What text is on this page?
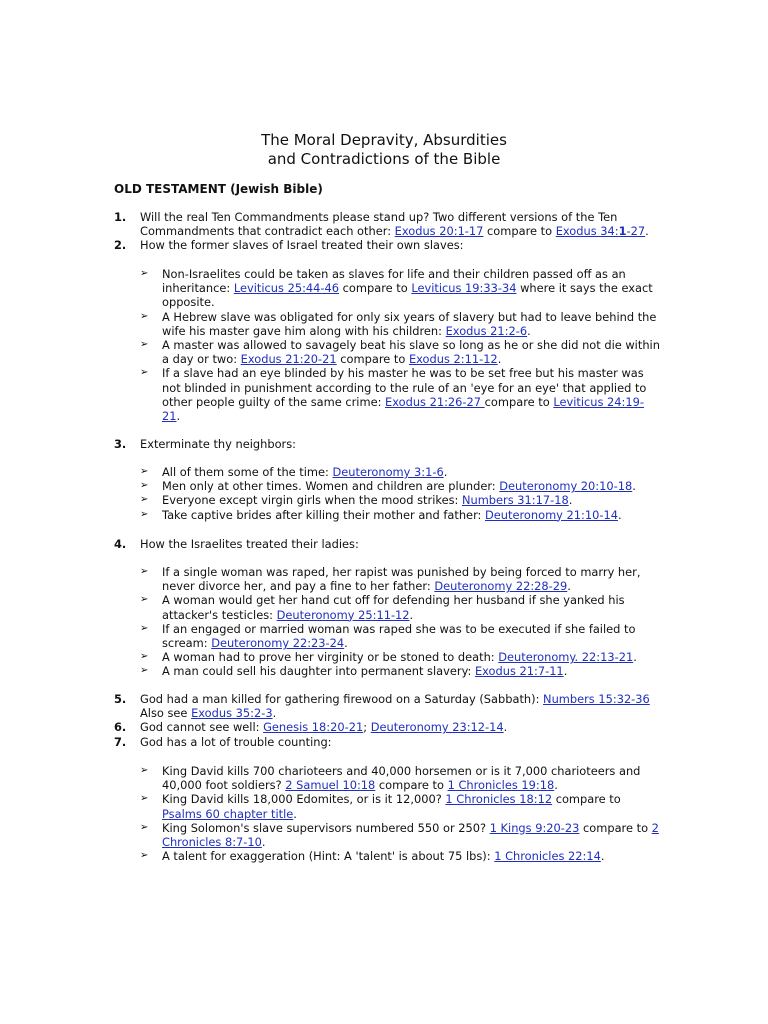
The Moral Depravity, Absurdities
and Contradictions of the Bible
OLD TESTAMENT (Jewish Bible)
1. Will the real Ten Commandments please stand up? Two different versions of the Ten Commandments that contradict each other: Exodus 20:1-17 compare to Exodus 34:1-27.
2. How the former slaves of Israel treated their own slaves:
➢ Non-Israelites could be taken as slaves for life and their children passed off as an inheritance: Leviticus 25:44-46 compare to Leviticus 19:33-34 where it says the exact opposite.
➢ A Hebrew slave was obligated for only six years of slavery but had to leave behind the wife his master gave him along with his children: Exodus 21:2-6.
➢ A master was allowed to savagely beat his slave so long as he or she did not die within a day or two: Exodus 21:20-21 compare to Exodus 2:11-12.
➢ If a slave had an eye blinded by his master he was to be set free but his master was not blinded in punishment according to the rule of an 'eye for an eye' that applied to other people guilty of the same crime: Exodus 21:26-27 compare to Leviticus 24:19-21.
3. Exterminate thy neighbors:
➢ All of them some of the time: Deuteronomy 3:1-6.
➢ Men only at other times. Women and children are plunder: Deuteronomy 20:10-18.
➢ Everyone except virgin girls when the mood strikes: Numbers 31:17-18.
➢ Take captive brides after killing their mother and father: Deuteronomy 21:10-14.
4. How the Israelites treated their ladies:
➢ If a single woman was raped, her rapist was punished by being forced to marry her, never divorce her, and pay a fine to her father: Deuteronomy 22:28-29.
➢ A woman would get her hand cut off for defending her husband if she yanked his attacker's testicles: Deuteronomy 25:11-12.
➢ If an engaged or married woman was raped she was to be executed if she failed to scream: Deuteronomy 22:23-24.
➢ A woman had to prove her virginity or be stoned to death: Deuteronomy. 22:13-21.
➢ A man could sell his daughter into permanent slavery: Exodus 21:7-11.
5. God had a man killed for gathering firewood on a Saturday (Sabbath): Numbers 15:32-36 Also see Exodus 35:2-3.
6. God cannot see well: Genesis 18:20-21; Deuteronomy 23:12-14.
7. God has a lot of trouble counting:
➢ King David kills 700 charioteers and 40,000 horsemen or is it 7,000 charioteers and 40,000 foot soldiers? 2 Samuel 10:18 compare to 1 Chronicles 19:18.
➢ King David kills 18,000 Edomites, or is it 12,000? 1 Chronicles 18:12 compare to Psalms 60 chapter title.
➢ King Solomon's slave supervisors numbered 550 or 250? 1 Kings 9:20-23 compare to 2 Chronicles 8:7-10.
➢ A talent for exaggeration (Hint: A 'talent' is about 75 lbs): 1 Chronicles 22:14.
